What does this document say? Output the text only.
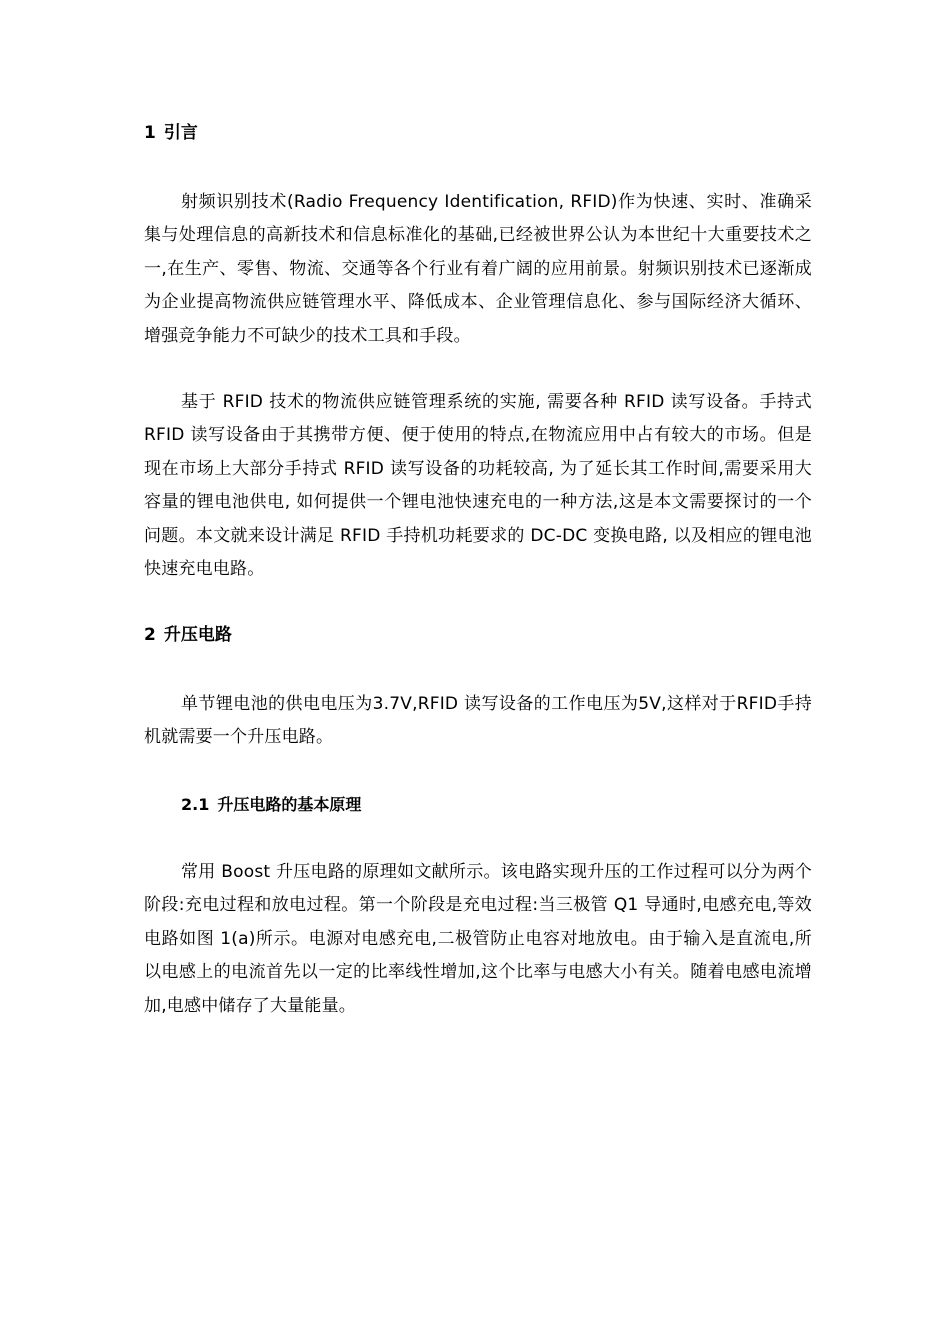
1 引言

射频识别技术(Radio Frequency Identification, RFID)作为快速、实时、准确采集与处理信息的高新技术和信息标准化的基础,已经被世界公认为本世纪十大重要技术之一,在生产、零售、物流、交通等各个行业有着广阔的应用前景。射频识别技术已逐渐成为企业提高物流供应链管理水平、降低成本、企业管理信息化、参与国际经济大循环、增强竞争能力不可缺少的技术工具和手段。

基于 RFID 技术的物流供应链管理系统的实施, 需要各种 RFID 读写设备。手持式 RFID 读写设备由于其携带方便、便于使用的特点,在物流应用中占有较大的市场。但是现在市场上大部分手持式 RFID 读写设备的功耗较高, 为了延长其工作时间,需要采用大容量的锂电池供电, 如何提供一个锂电池快速充电的一种方法,这是本文需要探讨的一个问题。本文就来设计满足 RFID 手持机功耗要求的 DC-DC 变换电路, 以及相应的锂电池快速充电电路。

2 升压电路

单节锂电池的供电电压为3.7V,RFID 读写设备的工作电压为5V,这样对于RFID手持机就需要一个升压电路。

2.1 升压电路的基本原理

常用 Boost 升压电路的原理如文献所示。该电路实现升压的工作过程可以分为两个阶段:充电过程和放电过程。第一个阶段是充电过程:当三极管 Q1 导通时,电感充电,等效电路如图 1(a)所示。电源对电感充电,二极管防止电容对地放电。由于输入是直流电,所以电感上的电流首先以一定的比率线性增加,这个比率与电感大小有关。随着电感电流增加,电感中储存了大量能量。
